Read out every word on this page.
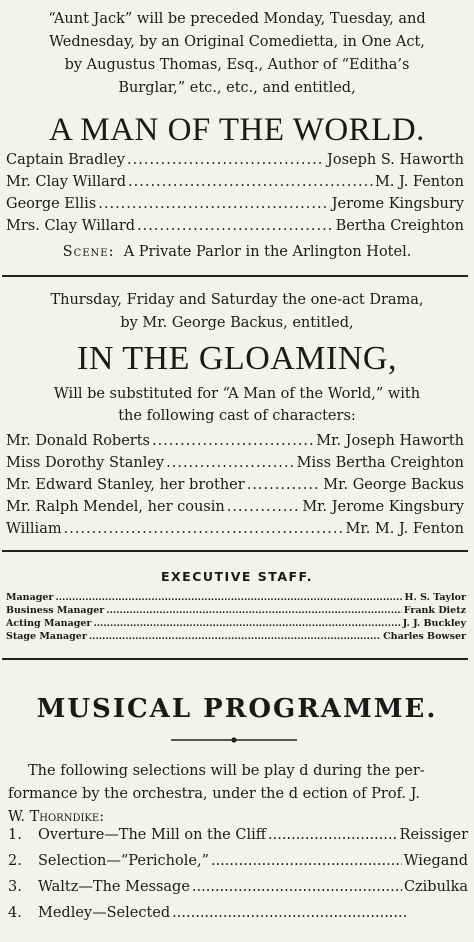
“Aunt Jack” will be preceded Monday, Tuesday, and
Wednesday, by an Original Comedietta, in One Act,
by Augustus Thomas, Esq., Author of “Editha’s
Burglar,” etc., etc., and entitled,
A MAN OF THE WORLD.
Captain Bradley .....	Joseph S. Haworth
Mr. Clay Willard .....	M. J. Fenton
George Ellis .....	Jerome Kingsbury
Mrs. Clay Willard .....	Bertha Creighton
Scene: A Private Parlor in the Arlington Hotel.
Thursday, Friday and Saturday the one-act Drama,
by Mr. George Backus, entitled,
IN THE GLOAMING,
Will be substituted for “A Man of the World,” with
the following cast of characters:
Mr. Donald Roberts .....	Mr. Joseph Haworth
Miss Dorothy Stanley .....	Miss Bertha Creighton
Mr. Edward Stanley, her brother .....	Mr. George Backus
Mr. Ralph Mendel, her cousin .....	Mr. Jerome Kingsbury
William .....	Mr. M. J. Fenton
EXECUTIVE STAFF.
Manager .....	H. S. Taylor
Business Manager .....	Frank Dietz
Acting Manager .....	J. J. Buckley
Stage Manager .....	Charles Bowser
MUSICAL PROGRAMME.
The following selections will be play d during the per-
formance by the orchestra, under the d ection of Prof. J.
W. Thorndike:
1.	Overture—The Mill on the Cliff .....	Reissiger
2.	Selection—“Perichole,” .....	Wiegand
3.	Waltz—The Message .....	Czibulka
4.	Medley—Selected
.....
